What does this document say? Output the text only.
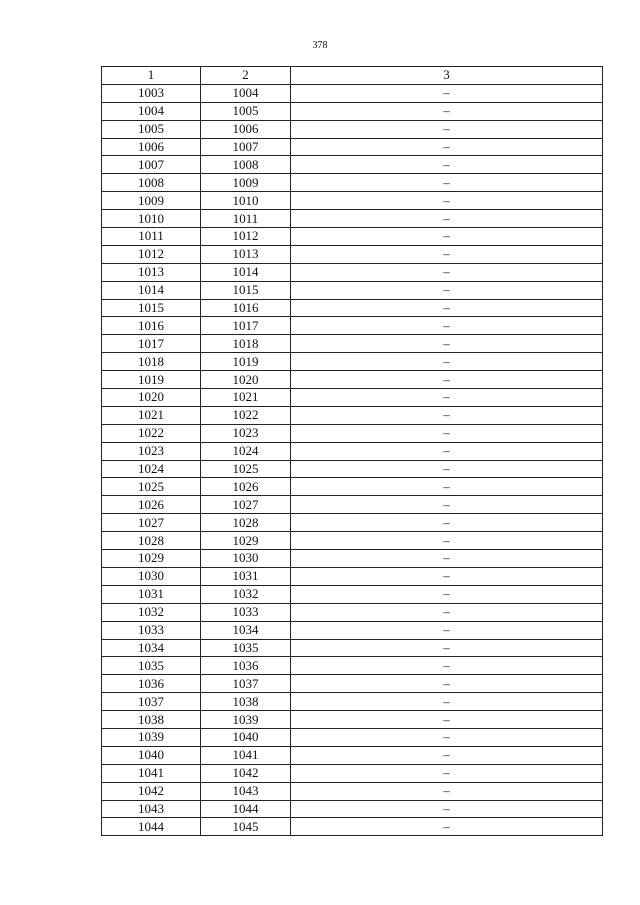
378
1	2	3
1003	1004	–
1004	1005	–
1005	1006	–
1006	1007	–
1007	1008	–
1008	1009	–
1009	1010	–
1010	1011	–
1011	1012	–
1012	1013	–
1013	1014	–
1014	1015	–
1015	1016	–
1016	1017	–
1017	1018	–
1018	1019	–
1019	1020	–
1020	1021	–
1021	1022	–
1022	1023	–
1023	1024	–
1024	1025	–
1025	1026	–
1026	1027	–
1027	1028	–
1028	1029	–
1029	1030	–
1030	1031	–
1031	1032	–
1032	1033	–
1033	1034	–
1034	1035	–
1035	1036	–
1036	1037	–
1037	1038	–
1038	1039	–
1039	1040	–
1040	1041	–
1041	1042	–
1042	1043	–
1043	1044	–
1044	1045	–
